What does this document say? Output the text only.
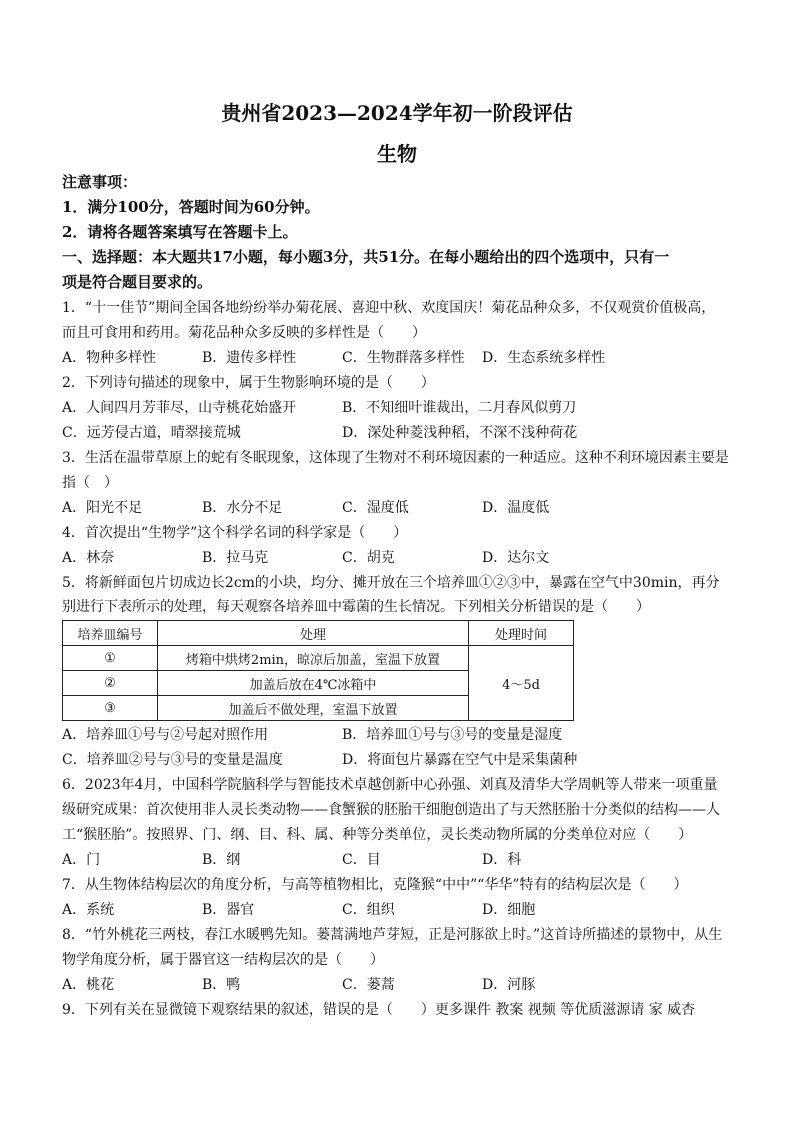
贵州省2023—2024学年初一阶段评估
生物
注意事项：
1．满分100分，答题时间为60分钟。
2．请将各题答案填写在答题卡上。
一、选择题：本大题共17小题，每小题3分，共51分。在每小题给出的四个选项中，只有一
项是符合题目要求的。
1．“十一佳节”期间全国各地纷纷举办菊花展、喜迎中秋、欢度国庆！菊花品种众多，不仅观赏价值极高，
而且可食用和药用。菊花品种众多反映的多样性是（　　）
A．物种多样性	B．遗传多样性	C．生物群落多样性 D．生态系统多样性
2．下列诗句描述的现象中，属于生物影响环境的是（　　）
A．人间四月芳菲尽，山寺桃花始盛开	B．不知细叶谁裁出，二月春风似剪刀
C．远芳侵古道，晴翠接荒城	D．深处种菱浅种稻，不深不浅种荷花
3．生活在温带草原上的蛇有冬眠现象，这体现了生物对不利环境因素的一种适应。这种不利环境因素主要是
指（　）
A．阳光不足	B．水分不足	C．湿度低	D．温度低
4．首次提出“生物学”这个科学名词的科学家是（　　）
A．林奈	B．拉马克	C．胡克	D．达尔文
5．将新鲜面包片切成边长2cm的小块，均分、摊开放在三个培养皿①②③中，暴露在空气中30min，再分
别进行下表所示的处理，每天观察各培养皿中霉菌的生长情况。下列相关分析错误的是（　　）
培养皿编号	处理	处理时间
①	烤箱中烘烤2min，晾凉后加盖，室温下放置	4～5d
②	加盖后放在4℃冰箱中	
③	加盖后不做处理，室温下放置	
A．培养皿①号与②号起对照作用	B．培养皿①号与③号的变量是湿度
C．培养皿②号与③号的变量是温度	D．将面包片暴露在空气中是采集菌种
6．2023年4月，中国科学院脑科学与智能技术卓越创新中心孙强、刘真及清华大学周帆等人带来一项重量
级研究成果：首次使用非人灵长类动物——食蟹猴的胚胎干细胞创造出了与天然胚胎十分类似的结构——人
工“猴胚胎”。按照界、门、纲、目、科、属、种等分类单位，灵长类动物所属的分类单位对应（　　）
A．门	B．纲	C．目	D．科
7．从生物体结构层次的角度分析，与高等植物相比，克隆猴“中中”“华华”特有的结构层次是（　　）
A．系统	B．器官	C．组织	D．细胞
8．“竹外桃花三两枝，春江水暖鸭先知。蒌蒿满地芦芽短，正是河豚欲上时。”这首诗所描述的景物中，从生
物学角度分析，属于器官这一结构层次的是（　　）
A．桃花	B．鸭	C．蒌蒿	D．河豚
9．下列有关在显微镜下观察结果的叙述，错误的是（　　）更多课件 教案 视频 等优质滋源请 家 威杏
